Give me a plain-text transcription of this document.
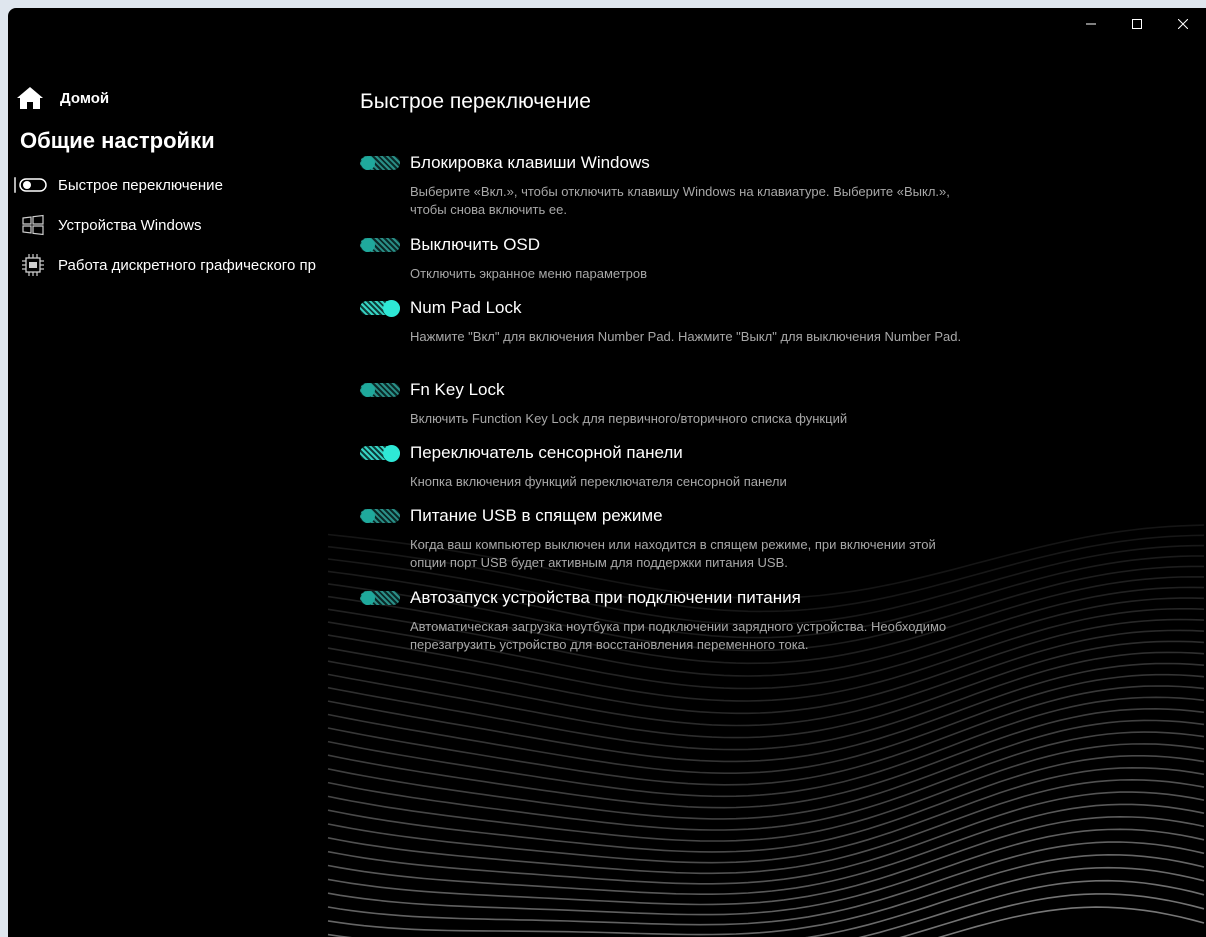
Домой
Общие настройки
Быстрое переключение
Устройства Windows
Работа дискретного графического пр
Быстрое переключение
Блокировка клавиши Windows
Выберите «Вкл.», чтобы отключить клавишу Windows на клавиатуре. Выберите «Выкл.», чтобы снова включить ее.
Выключить OSD
Отключить экранное меню параметров
Num Pad Lock
Нажмите "Вкл" для включения Number Pad. Нажмите "Выкл" для выключения Number Pad.
Fn Key Lock
Включить Function Key Lock для первичного/вторичного списка функций
Переключатель сенсорной панели
Кнопка включения функций переключателя сенсорной панели
Питание USB в спящем режиме
Когда ваш компьютер выключен или находится в спящем режиме, при включении этой опции порт USB будет активным для поддержки питания USB.
Автозапуск устройства при подключении питания
Автоматическая загрузка ноутбука при подключении зарядного устройства. Необходимо перезагрузить устройство для восстановления переменного тока.
